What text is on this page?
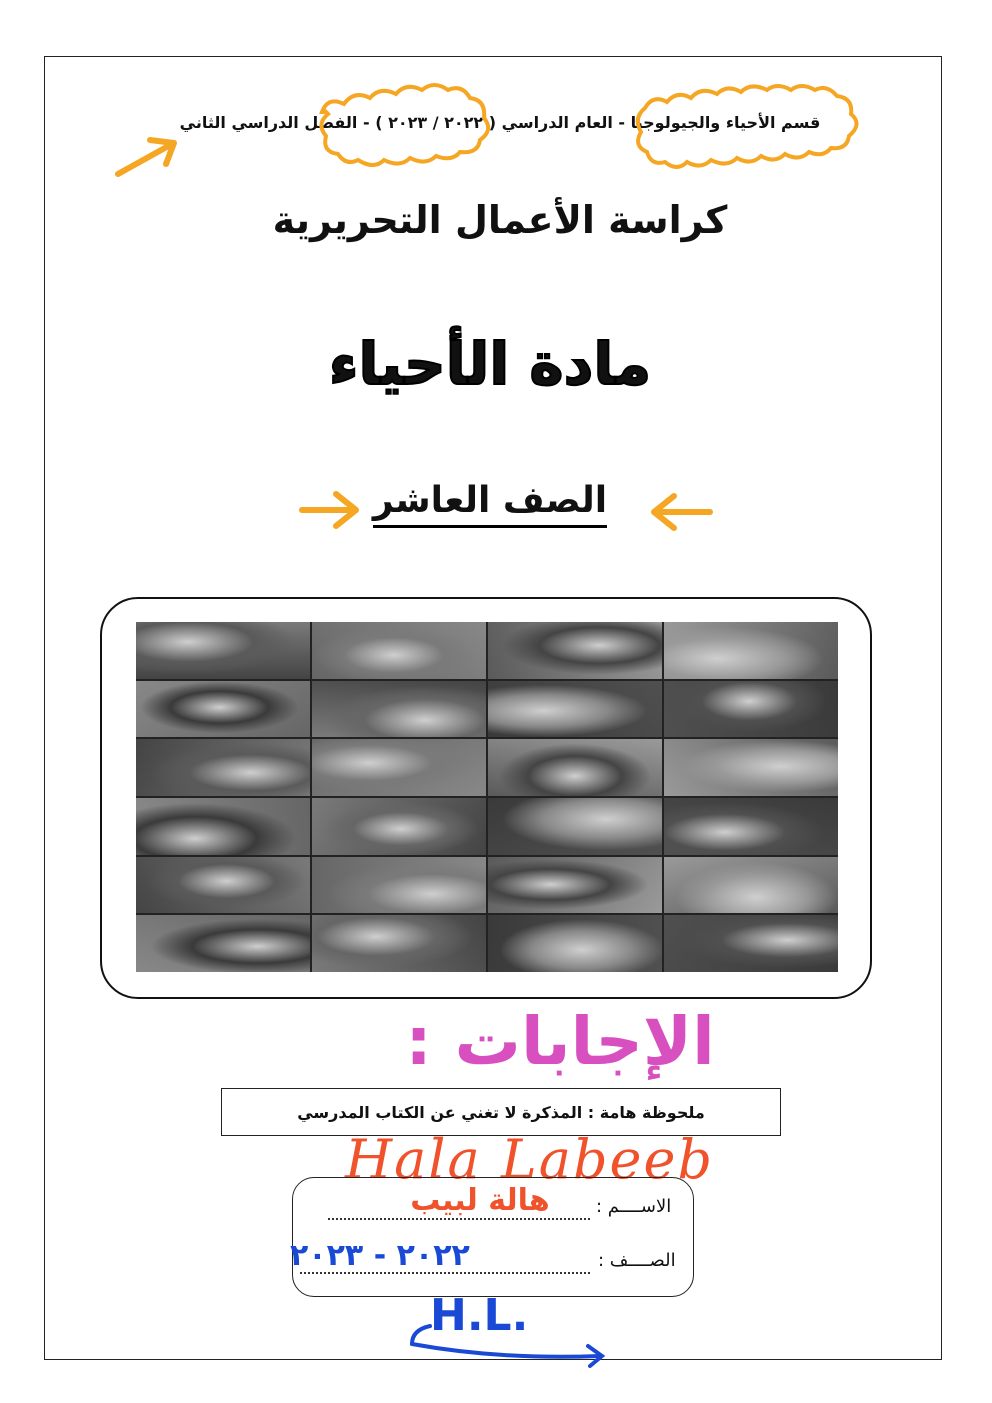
قسم الأحياء والجيولوجيا - العام الدراسي ( ٢٠٢٢ / ٢٠٢٣ ) - الفصل الدراسي الثاني
كراسة الأعمال التحريرية
مادة الأحياء
الصف العاشر
الإجابات :
ملحوظة هامة : المذكرة لا تغني عن الكتاب المدرسي
Hala Labeeb
الاســــم :
الصــــف :
هالة لبيب
٢٠٢٢ - ٢٠٢٣
H.L.
